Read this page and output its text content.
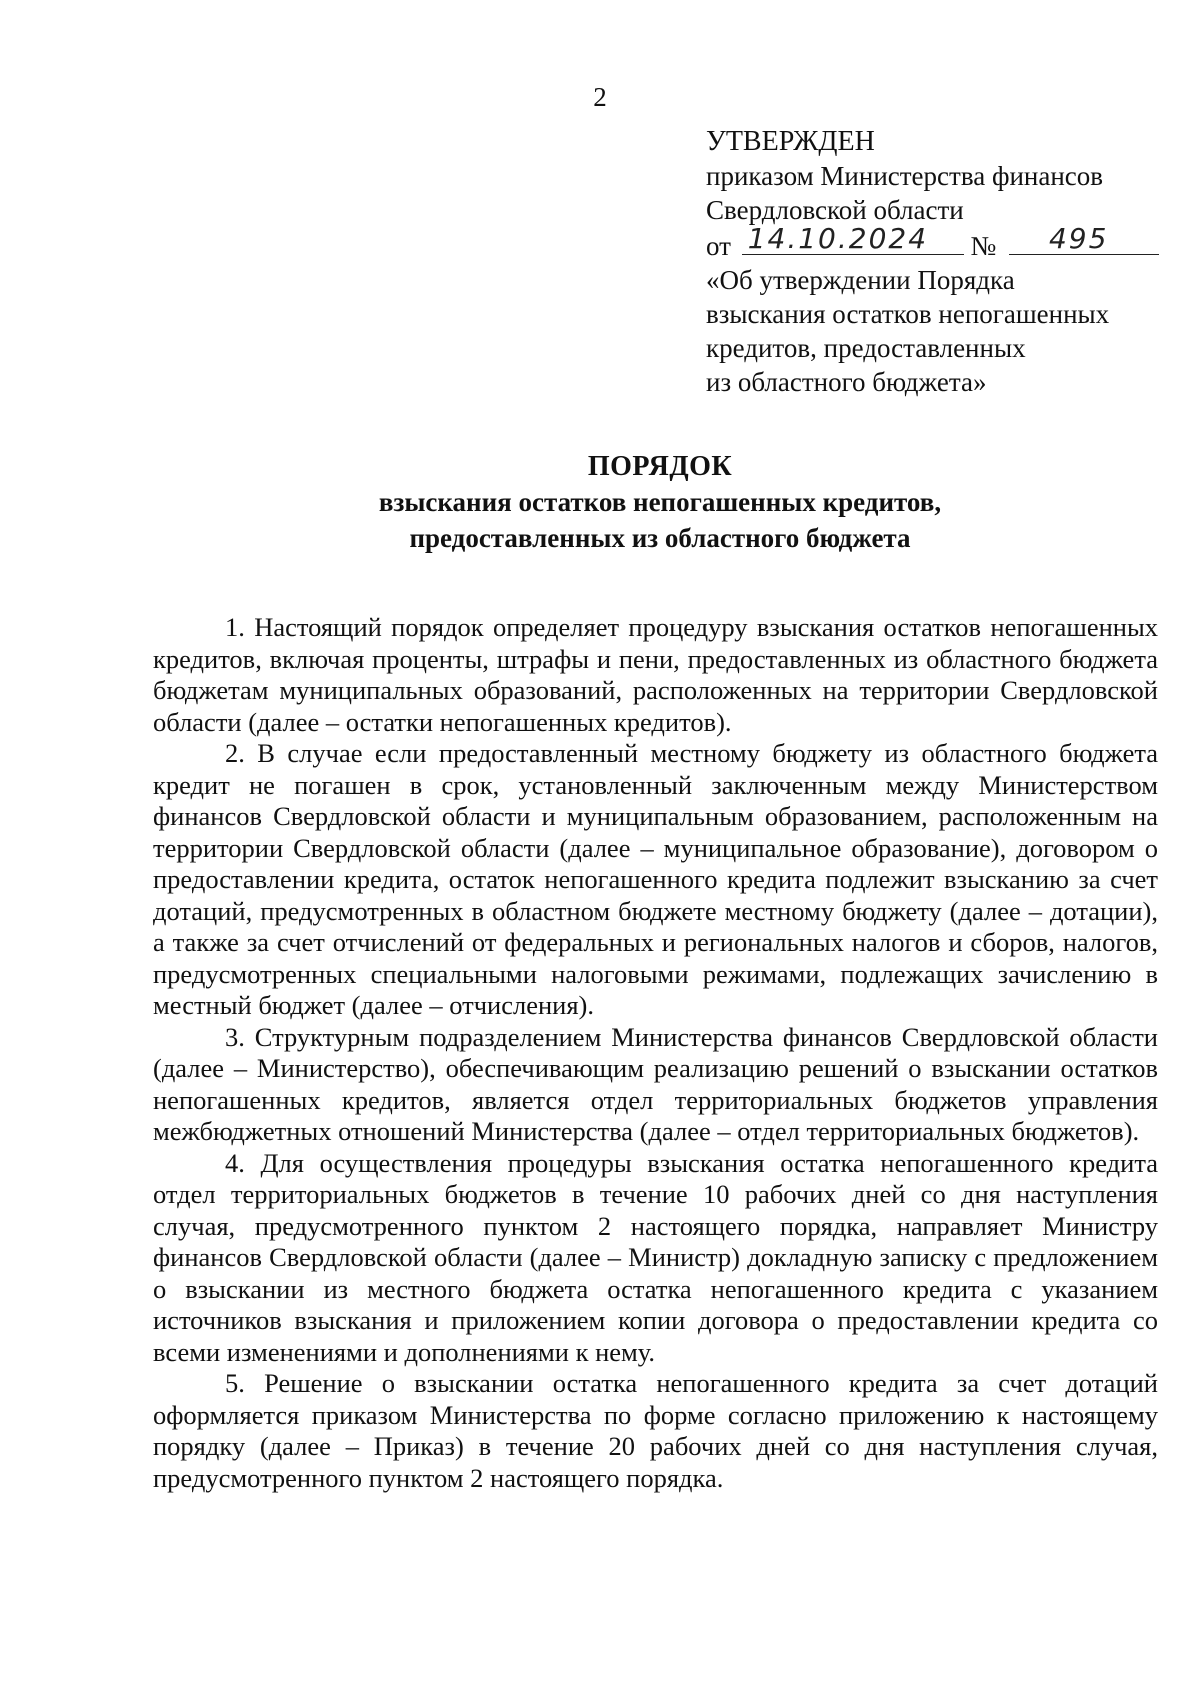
2
УТВЕРЖДЕН
приказом Министерства финансов
Свердловской области
от 14.10.2024 № 495
«Об утверждении Порядка
взыскания остатков непогашенных
кредитов, предоставленных
из областного бюджета»
ПОРЯДОК
взыскания остатков непогашенных кредитов,
предоставленных из областного бюджета

1. Настоящий порядок определяет процедуру взыскания остатков непогашенных кредитов, включая проценты, штрафы и пени, предоставленных из областного бюджета бюджетам муниципальных образований, расположенных на территории Свердловской области (далее – остатки непогашенных кредитов).

2. В случае если предоставленный местному бюджету из областного бюджета кредит не погашен в срок, установленный заключенным между Министерством финансов Свердловской области и муниципальным образованием, расположенным на территории Свердловской области (далее – муниципальное образование), договором о предоставлении кредита, остаток непогашенного кредита подлежит взысканию за счет дотаций, предусмотренных в областном бюджете местному бюджету (далее – дотации), а также за счет отчислений от федеральных и региональных налогов и сборов, налогов, предусмотренных специальными налоговыми режимами, подлежащих зачислению в местный бюджет (далее – отчисления).

3. Структурным подразделением Министерства финансов Свердловской области (далее – Министерство), обеспечивающим реализацию решений о взыскании остатков непогашенных кредитов, является отдел территориальных бюджетов управления межбюджетных отношений Министерства (далее – отдел территориальных бюджетов).

4. Для осуществления процедуры взыскания остатка непогашенного кредита отдел территориальных бюджетов в течение 10 рабочих дней со дня наступления случая, предусмотренного пунктом 2 настоящего порядка, направляет Министру финансов Свердловской области (далее – Министр) докладную записку с предложением о взыскании из местного бюджета остатка непогашенного кредита с указанием источников взыскания и приложением копии договора о предоставлении кредита со всеми изменениями и дополнениями к нему.

5. Решение о взыскании остатка непогашенного кредита за счет дотаций оформляется приказом Министерства по форме согласно приложению к настоящему порядку (далее – Приказ) в течение 20 рабочих дней со дня наступления случая, предусмотренного пунктом 2 настоящего порядка.
